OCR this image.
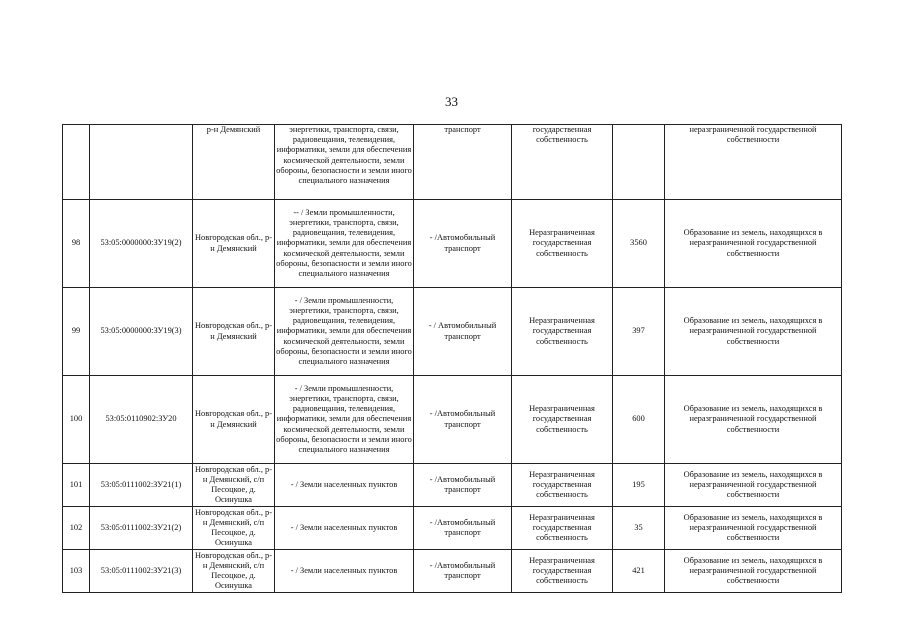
33
		р-н Демянский	энергетики, транспорта, связи, радиовещания, телевидения, информатики, земли для обеспечения космической деятельности, земли обороны, безопасности и земли иного специального назначения	транспорт	государственная собственность		неразграниченной государственной собственности
98	53:05:0000000:ЗУ19(2)	Новгородская обл., р-н Демянский	-- / Земли промышленности, энергетики, транспорта, связи, радиовещания, телевидения, информатики, земли для обеспечения космической деятельности, земли обороны, безопасности и земли иного специального назначения	- /Автомобильный транспорт	Неразграниченная государственная собственность	3560	Образование из земель, находящихся в неразграниченной государственной собственности
99	53:05:0000000:ЗУ19(3)	Новгородская обл., р-н Демянский	- / Земли промышленности, энергетики, транспорта, связи, радиовещания, телевидения, информатики, земли для обеспечения космической деятельности, земли обороны, безопасности и земли иного специального назначения	- / Автомобильный транспорт	Неразграниченная государственная собственность	397	Образование из земель, находящихся в неразграниченной государственной собственности
100	53:05:0110902:ЗУ20	Новгородская обл., р-н Демянский	- / Земли промышленности, энергетики, транспорта, связи, радиовещания, телевидения, информатики, земли для обеспечения космической деятельности, земли обороны, безопасности и земли иного специального назначения	- /Автомобильный транспорт	Неразграниченная государственная собственность	600	Образование из земель, находящихся в неразграниченной государственной собственности
101	53:05:0111002:ЗУ21(1)	Новгородская обл., р-н Демянский, с/п Песоцкое, д. Осинушка	- / Земли населенных пунктов	- /Автомобильный транспорт	Неразграниченная государственная собственность	195	Образование из земель, находящихся в неразграниченной государственной собственности
102	53:05:0111002:ЗУ21(2)	Новгородская обл., р-н Демянский, с/п Песоцкое, д. Осинушка	- / Земли населенных пунктов	- /Автомобильный транспорт	Неразграниченная государственная собственность	35	Образование из земель, находящихся в неразграниченной государственной собственности
103	53:05:0111002:ЗУ21(3)	Новгородская обл., р-н Демянский, с/п Песоцкое, д. Осинушка	- / Земли населенных пунктов	- /Автомобильный транспорт	Неразграниченная государственная собственность	421	Образование из земель, находящихся в неразграниченной государственной собственности
